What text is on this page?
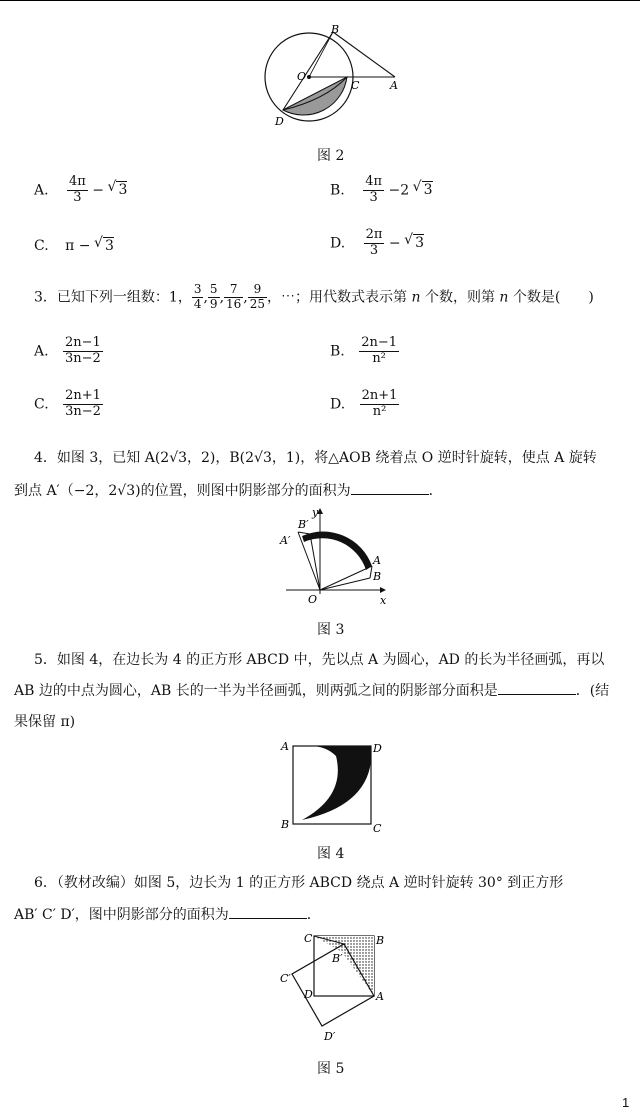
B
O
C	A
D
图 2
A. $\frac{4\pi}{3}$ − √ 3	B. $\frac{4\pi}{3} -2$ √ 3
C. π − √ 3	D. $\frac{2\pi}{3}$ − √ 3
3．已知下列一组数：1， $\frac{3}{4}$ , $\frac{5}{9}$ , $\frac{7}{16}$ , $\frac{9}{25}$ ，⋯；用代数式表示第 n 个数，则第 n 个数是(　　)
A. $\frac{2n-1}{3n-2}$	B. $\frac{2n-1}{\text{n²}}$
C. $\frac{2n+1}{3n-2}$	D. $\frac{2n+1}{\text{n²}}$
4．如图 3，已知 A(2√3，2)，B(2√3，1)，将△AOB 绕着点 O 逆时针旋转，使点 A 旋转
到点 A′（−2，2√3)的位置，则图中阴影部分的面积为	．
y
B′
A′
A
B
O	x
图 3
5．如图 4，在边长为 4 的正方形 ABCD 中，先以点 A 为圆心，AD 的长为半径画弧，再以
AB 边的中点为圆心，AB 长的一半为半径画弧，则两弧之间的阴影部分面积是	．(结
果保留 π)
A	D
B	C
图 4
6．（教材改编）如图 5，边长为 1 的正方形 ABCD 绕点 A 逆时针旋转 30° 到正方形
AB′ C′ D′，图中阴影部分的面积为	．
C	B
B′
C′
D	A
D′
图 5
1
